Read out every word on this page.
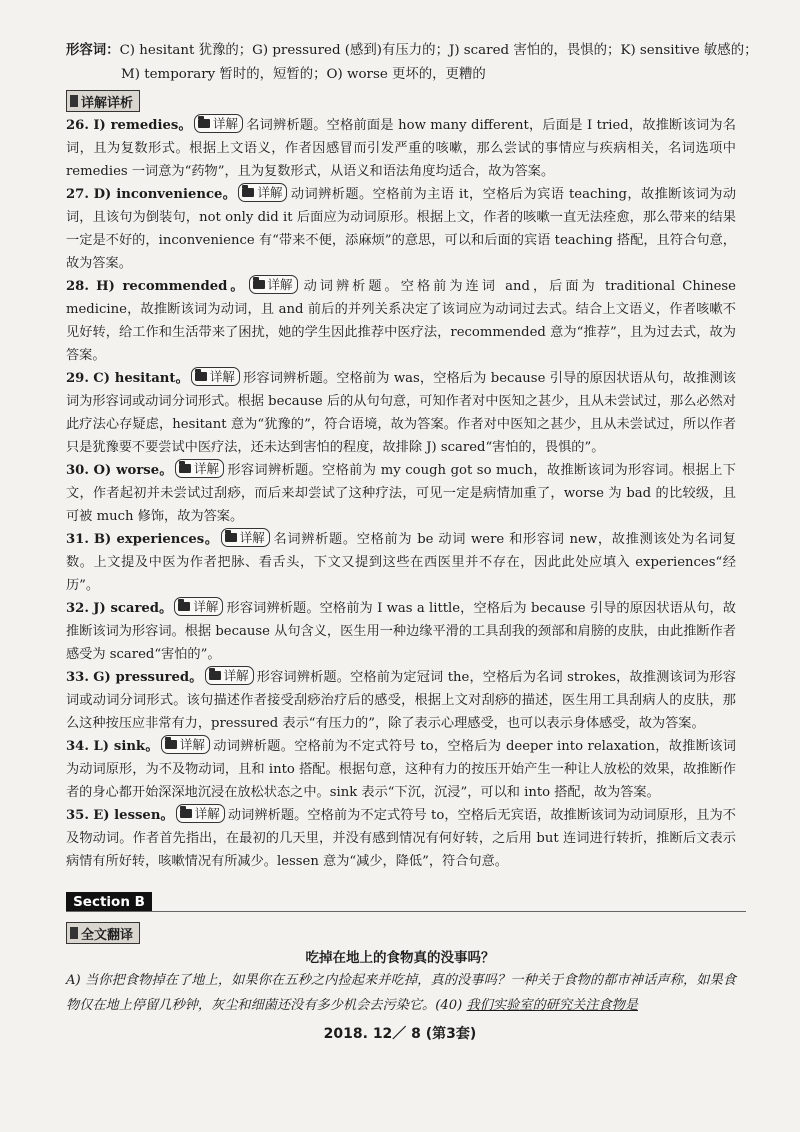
形容词：C) hesitant 犹豫的；G) pressured (感到)有压力的；J) scared 害怕的，畏惧的；K) sensitive 敏感的；
M) temporary 暂时的，短暂的；O) worse 更坏的，更糟的
详解详析
26. I) remedies。 详解 名词辨析题。空格前面是 how many different，后面是 I tried，故推断该词为名词，且为复数形式。根据上文语义，作者因感冒而引发严重的咳嗽，那么尝试的事情应与疾病相关，名词选项中 remedies 一词意为“药物”，且为复数形式，从语义和语法角度均适合，故为答案。
27. D) inconvenience。 详解 动词辨析题。空格前为主语 it，空格后为宾语 teaching，故推断该词为动词，且该句为倒装句，not only did it 后面应为动词原形。根据上文，作者的咳嗽一直无法痊愈，那么带来的结果一定是不好的，inconvenience 有“带来不便，添麻烦”的意思，可以和后面的宾语 teaching 搭配，且符合句意，故为答案。
28. H) recommended。 详解 动词辨析题。空格前为连词 and，后面为 traditional Chinese medicine，故推断该词为动词，且 and 前后的并列关系决定了该词应为动词过去式。结合上文语义，作者咳嗽不见好转，给工作和生活带来了困扰，她的学生因此推荐中医疗法，recommended 意为“推荐”，且为过去式，故为答案。
29. C) hesitant。 详解 形容词辨析题。空格前为 was，空格后为 because 引导的原因状语从句，故推测该词为形容词或动词分词形式。根据 because 后的从句句意，可知作者对中医知之甚少，且从未尝试过，那么必然对此疗法心存疑虑，hesitant 意为“犹豫的”，符合语境，故为答案。作者对中医知之甚少，且从未尝试过，所以作者只是犹豫要不要尝试中医疗法，还未达到害怕的程度，故排除 J) scared“害怕的，畏惧的”。
30. O) worse。 详解 形容词辨析题。空格前为 my cough got so much，故推断该词为形容词。根据上下文，作者起初并未尝试过刮痧，而后来却尝试了这种疗法，可见一定是病情加重了，worse 为 bad 的比较级，且可被 much 修饰，故为答案。
31. B) experiences。 详解 名词辨析题。空格前为 be 动词 were 和形容词 new，故推测该处为名词复数。上文提及中医为作者把脉、看舌头，下文又提到这些在西医里并不存在，因此此处应填入 experiences“经历”。
32. J) scared。 详解 形容词辨析题。空格前为 I was a little，空格后为 because 引导的原因状语从句，故推断该词为形容词。根据 because 从句含义，医生用一种边缘平滑的工具刮我的颈部和肩膀的皮肤，由此推断作者感受为 scared“害怕的”。
33. G) pressured。 详解 形容词辨析题。空格前为定冠词 the，空格后为名词 strokes，故推测该词为形容词或动词分词形式。该句描述作者接受刮痧治疗后的感受，根据上文对刮痧的描述，医生用工具刮病人的皮肤，那么这种按压应非常有力，pressured 表示“有压力的”，除了表示心理感受，也可以表示身体感受，故为答案。
34. L) sink。 详解 动词辨析题。空格前为不定式符号 to，空格后为 deeper into relaxation，故推断该词为动词原形，为不及物动词，且和 into 搭配。根据句意，这种有力的按压开始产生一种让人放松的效果，故推断作者的身心都开始深深地沉浸在放松状态之中。sink 表示“下沉，沉浸”，可以和 into 搭配，故为答案。
35. E) lessen。 详解 动词辨析题。空格前为不定式符号 to，空格后无宾语，故推断该词为动词原形，且为不及物动词。作者首先指出，在最初的几天里，并没有感到情况有何好转，之后用 but 连词进行转折，推断后文表示病情有所好转，咳嗽情况有所减少。lessen 意为“减少，降低”，符合句意。
Section B
全文翻译
吃掉在地上的食物真的没事吗？
A) 当你把食物掉在了地上，如果你在五秒之内捡起来并吃掉，真的没事吗？一种关于食物的都市神话声称，如果食物仅在地上停留几秒钟，灰尘和细菌还没有多少机会去污染它。(40) 我们实验室的研究关注食物是
2018. 12／ 8 (第3套)
